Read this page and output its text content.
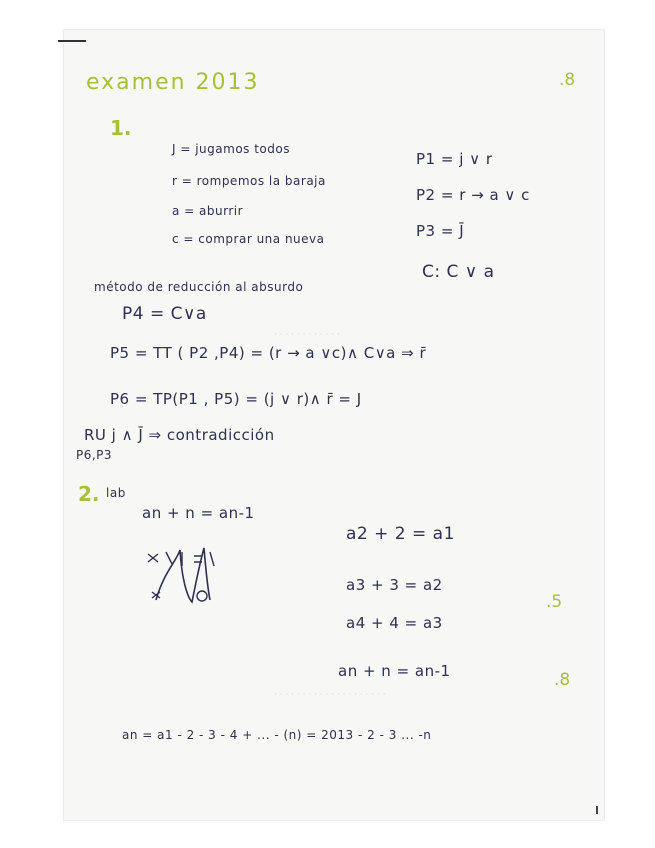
examen 2013	.8
1.
J = jugamos todos
r = rompemos la baraja
a = aburrir
c = comprar una nueva
P1 = j ∨ r
P2 = r → a ∨ c
P3 = J̄
C: C ∨ a
método de reducción al absurdo
P4 = C∨a
P5 = TT ( P2 ,P4) = (r → a ∨c)∧ C∨a ⇒ r̄
P6 = TP(P1 , P5) = (j ∨ r)∧ r̄ = J
RU j ∧ J̄ ⇒ contradicción
P6,P3
2. lab
an + n = an-1
a2 + 2 = a1
a3 + 3 = a2
a4 + 4 = a3
.5
an + n = an-1	.8
an = a1 - 2 - 3 - 4 + ... - (n) = 2013 - 2 - 3 ... -n
· · · · · · · · · · · ·
· · · · · · · · · · · · · · · · · · · ·
